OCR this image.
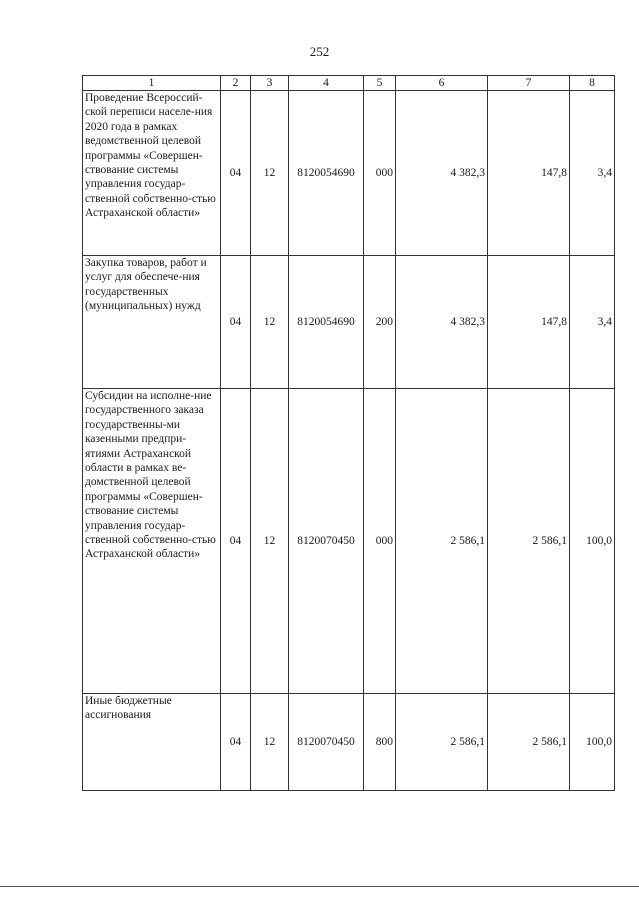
252
1	2	3	4	5	6	7	8
Проведение Всероссий-ской переписи населе-ния 2020 года в рамках ведомственной целевой программы «Совершен-ствование системы управления государ-ственной собственно-стью Астраханской области»	04	12	8120054690	000	4 382,3	147,8	3,4
Закупка товаров, работ и услуг для обеспече-ния государственных (муниципальных) нужд	04	12	8120054690	200	4 382,3	147,8	3,4
Субсидии на исполне-ние государственного заказа государственны-ми казенными предпри-ятиями Астраханской области в рамках ве-домственной целевой программы «Совершен-ствование системы управления государ-ственной собственно-стью Астраханской области»	04	12	8120070450	000	2 586,1	2 586,1	100,0
Иные бюджетные ассигнования	04	12	8120070450	800	2 586,1	2 586,1	100,0
